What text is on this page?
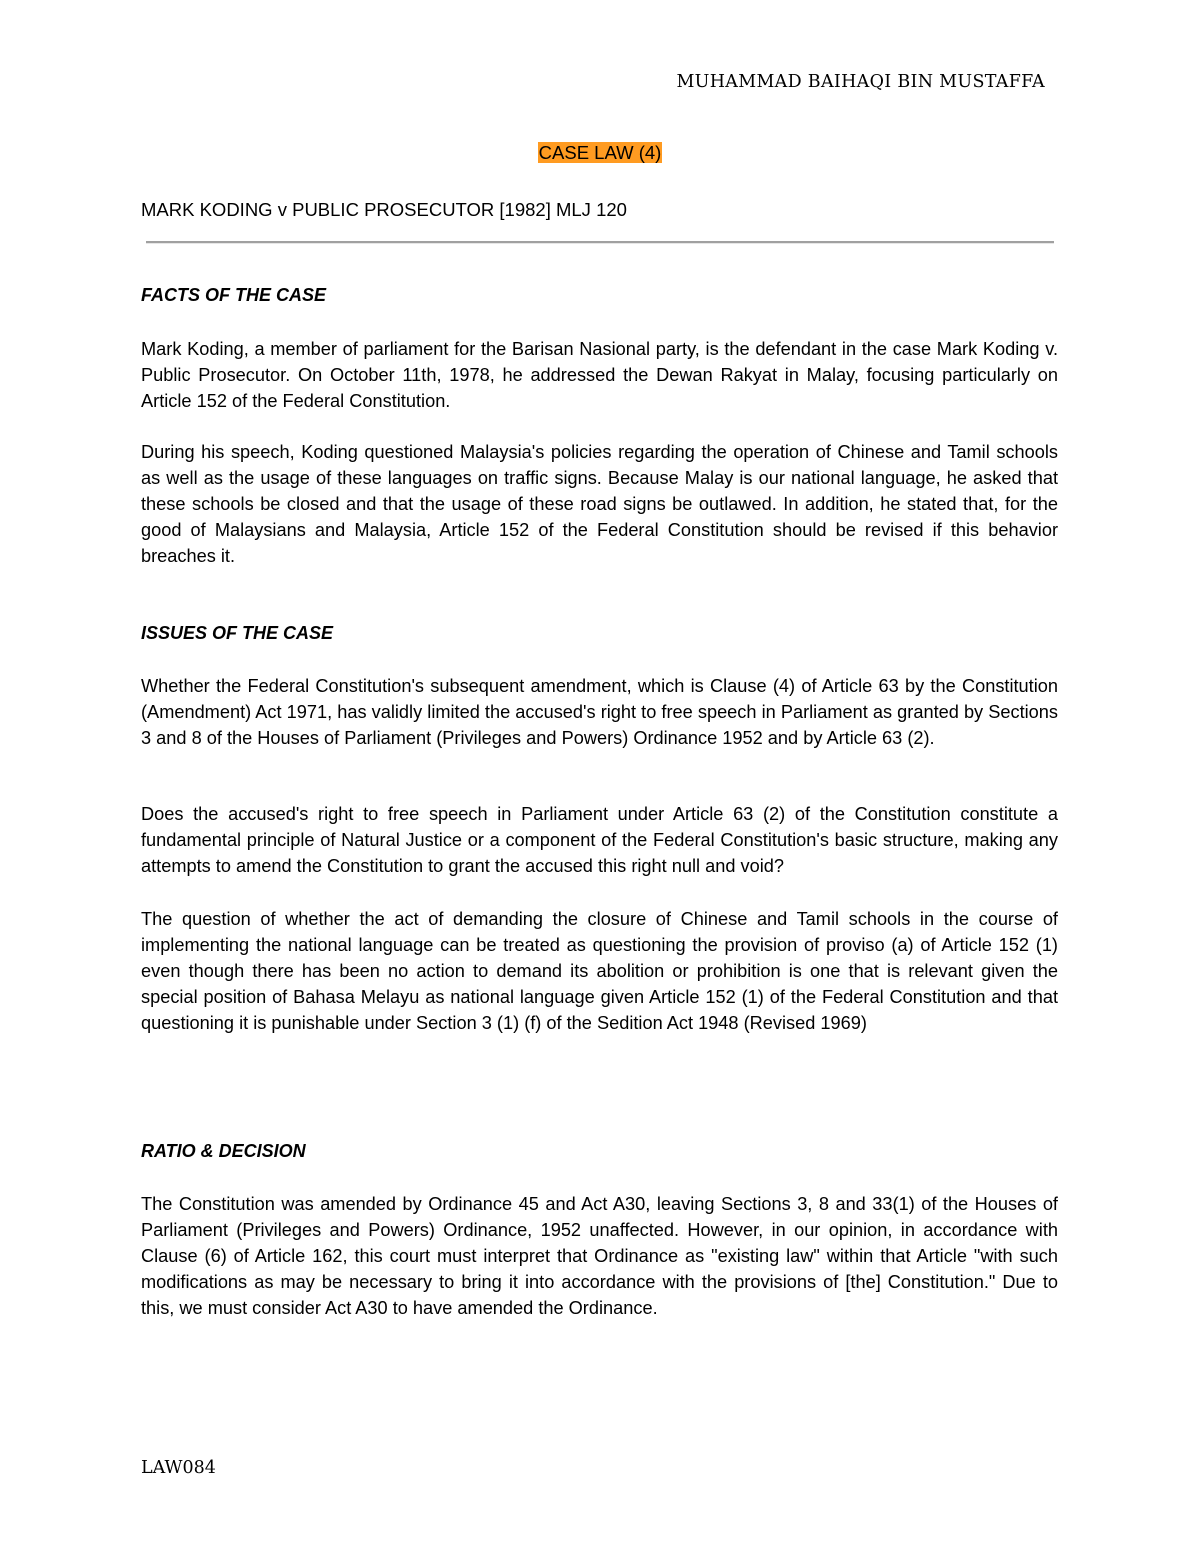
MUHAMMAD BAIHAQI BIN MUSTAFFA
CASE LAW (4)
MARK KODING v PUBLIC PROSECUTOR [1982] MLJ 120
FACTS OF THE CASE

Mark Koding, a member of parliament for the Barisan Nasional party, is the defendant in the case Mark Koding v. Public Prosecutor. On October 11th, 1978, he addressed the Dewan Rakyat in Malay, focusing particularly on Article 152 of the Federal Constitution.

During his speech, Koding questioned Malaysia's policies regarding the operation of Chinese and Tamil schools as well as the usage of these languages on traffic signs. Because Malay is our national language, he asked that these schools be closed and that the usage of these road signs be outlawed. In addition, he stated that, for the good of Malaysians and Malaysia, Article 152 of the Federal Constitution should be revised if this behavior breaches it.

ISSUES OF THE CASE

Whether the Federal Constitution's subsequent amendment, which is Clause (4) of Article 63 by the Constitution (Amendment) Act 1971, has validly limited the accused's right to free speech in Parliament as granted by Sections 3 and 8 of the Houses of Parliament (Privileges and Powers) Ordinance 1952 and by Article 63 (2).

Does the accused's right to free speech in Parliament under Article 63 (2) of the Constitution constitute a fundamental principle of Natural Justice or a component of the Federal Constitution's basic structure, making any attempts to amend the Constitution to grant the accused this right null and void?

The question of whether the act of demanding the closure of Chinese and Tamil schools in the course of implementing the national language can be treated as questioning the provision of proviso (a) of Article 152 (1) even though there has been no action to demand its abolition or prohibition is one that is relevant given the special position of Bahasa Melayu as national language given Article 152 (1) of the Federal Constitution and that questioning it is punishable under Section 3 (1) (f) of the Sedition Act 1948 (Revised 1969)

RATIO & DECISION

The Constitution was amended by Ordinance 45 and Act A30, leaving Sections 3, 8 and 33(1) of the Houses of Parliament (Privileges and Powers) Ordinance, 1952 unaffected. However, in our opinion, in accordance with Clause (6) of Article 162, this court must interpret that Ordinance as "existing law" within that Article "with such modifications as may be necessary to bring it into accordance with the provisions of [the] Constitution." Due to this, we must consider Act A30 to have amended the Ordinance.

LAW084
